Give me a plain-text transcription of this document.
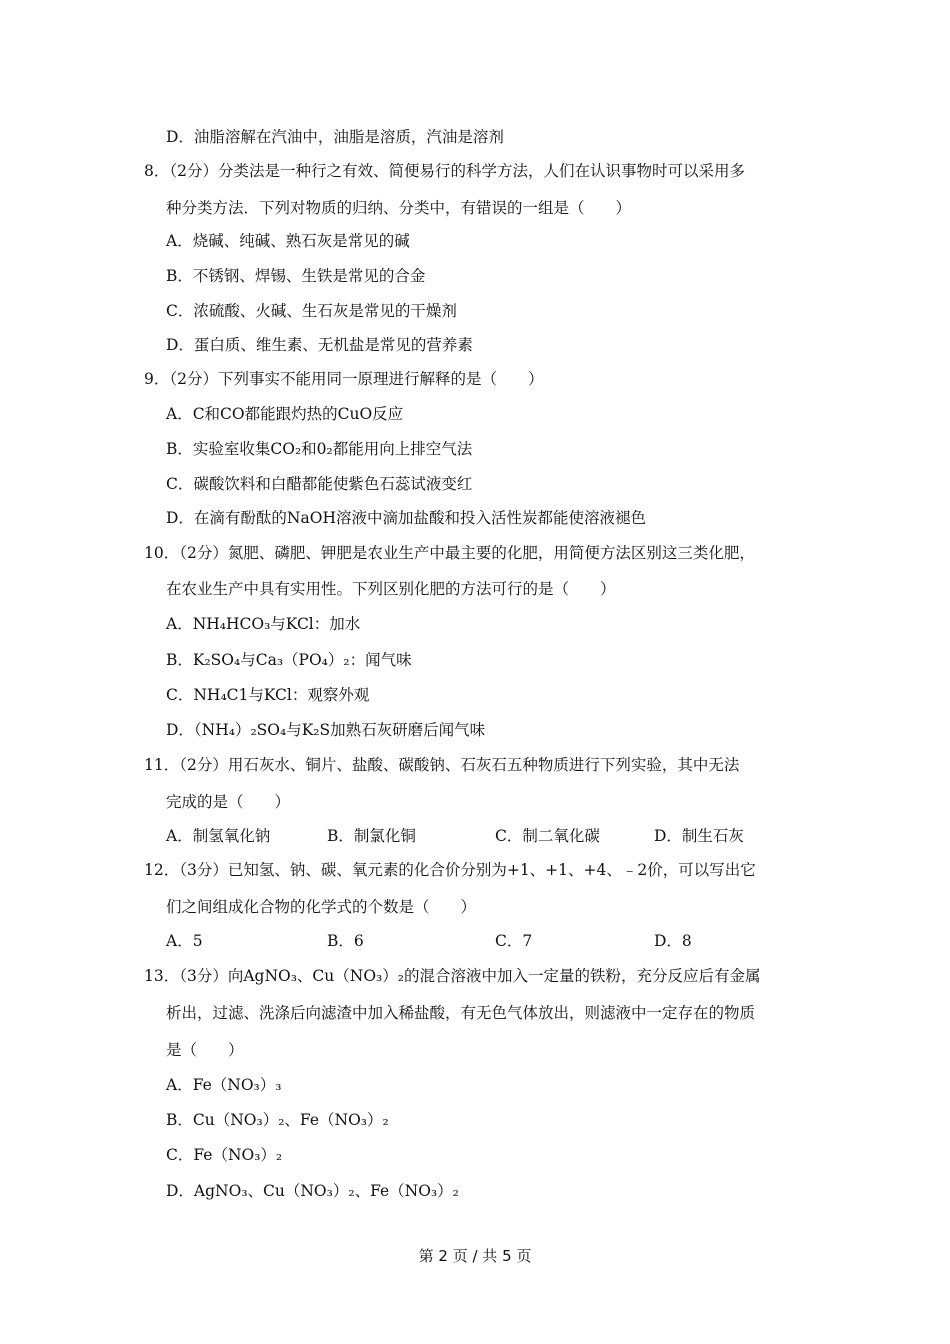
D．油脂溶解在汽油中，油脂是溶质，汽油是溶剂
8．（2分）分类法是一种行之有效、简便易行的科学方法，人们在认识事物时可以采用多
种分类方法．下列对物质的归纳、分类中，有错误的一组是（　　）
A．烧碱、纯碱、熟石灰是常见的碱
B．不锈钢、焊锡、生铁是常见的合金
C．浓硫酸、火碱、生石灰是常见的干燥剂
D．蛋白质、维生素、无机盐是常见的营养素
9．（2分）下列事实不能用同一原理进行解释的是（　　）
A．C和CO都能跟灼热的CuO反应
B．实验室收集CO₂和0₂都能用向上排空气法
C．碳酸饮料和白醋都能使紫色石蕊试液变红
D．在滴有酚酞的NaOH溶液中滴加盐酸和投入活性炭都能使溶液褪色
10．（2分）氮肥、磷肥、钾肥是农业生产中最主要的化肥，用简便方法区别这三类化肥，
在农业生产中具有实用性。下列区别化肥的方法可行的是（　　）
A．NH₄HCO₃与KCl：加水
B．K₂SO₄与Ca₃（PO₄）₂：闻气味
C．NH₄C1与KCl：观察外观
D．（NH₄）₂SO₄与K₂S加熟石灰研磨后闻气味
11．（2分）用石灰水、铜片、盐酸、碳酸钠、石灰石五种物质进行下列实验，其中无法
完成的是（　　）
A．制氢氧化钠	B．制氯化铜	C．制二氧化碳	D．制生石灰
12．（3分）已知氢、钠、碳、氧元素的化合价分别为+1、+1、+4、﹣2价，可以写出它
们之间组成化合物的化学式的个数是（　　）
A．5	B．6	C．7	D．8
13．（3分）向AgNO₃、Cu（NO₃）₂的混合溶液中加入一定量的铁粉，充分反应后有金属
析出，过滤、洗涤后向滤渣中加入稀盐酸，有无色气体放出，则滤液中一定存在的物质
是（　　）
A．Fe（NO₃）₃
B．Cu（NO₃）₂、Fe（NO₃）₂
C．Fe（NO₃）₂
D．AgNO₃、Cu（NO₃）₂、Fe（NO₃）₂
第 2 页 / 共 5 页
